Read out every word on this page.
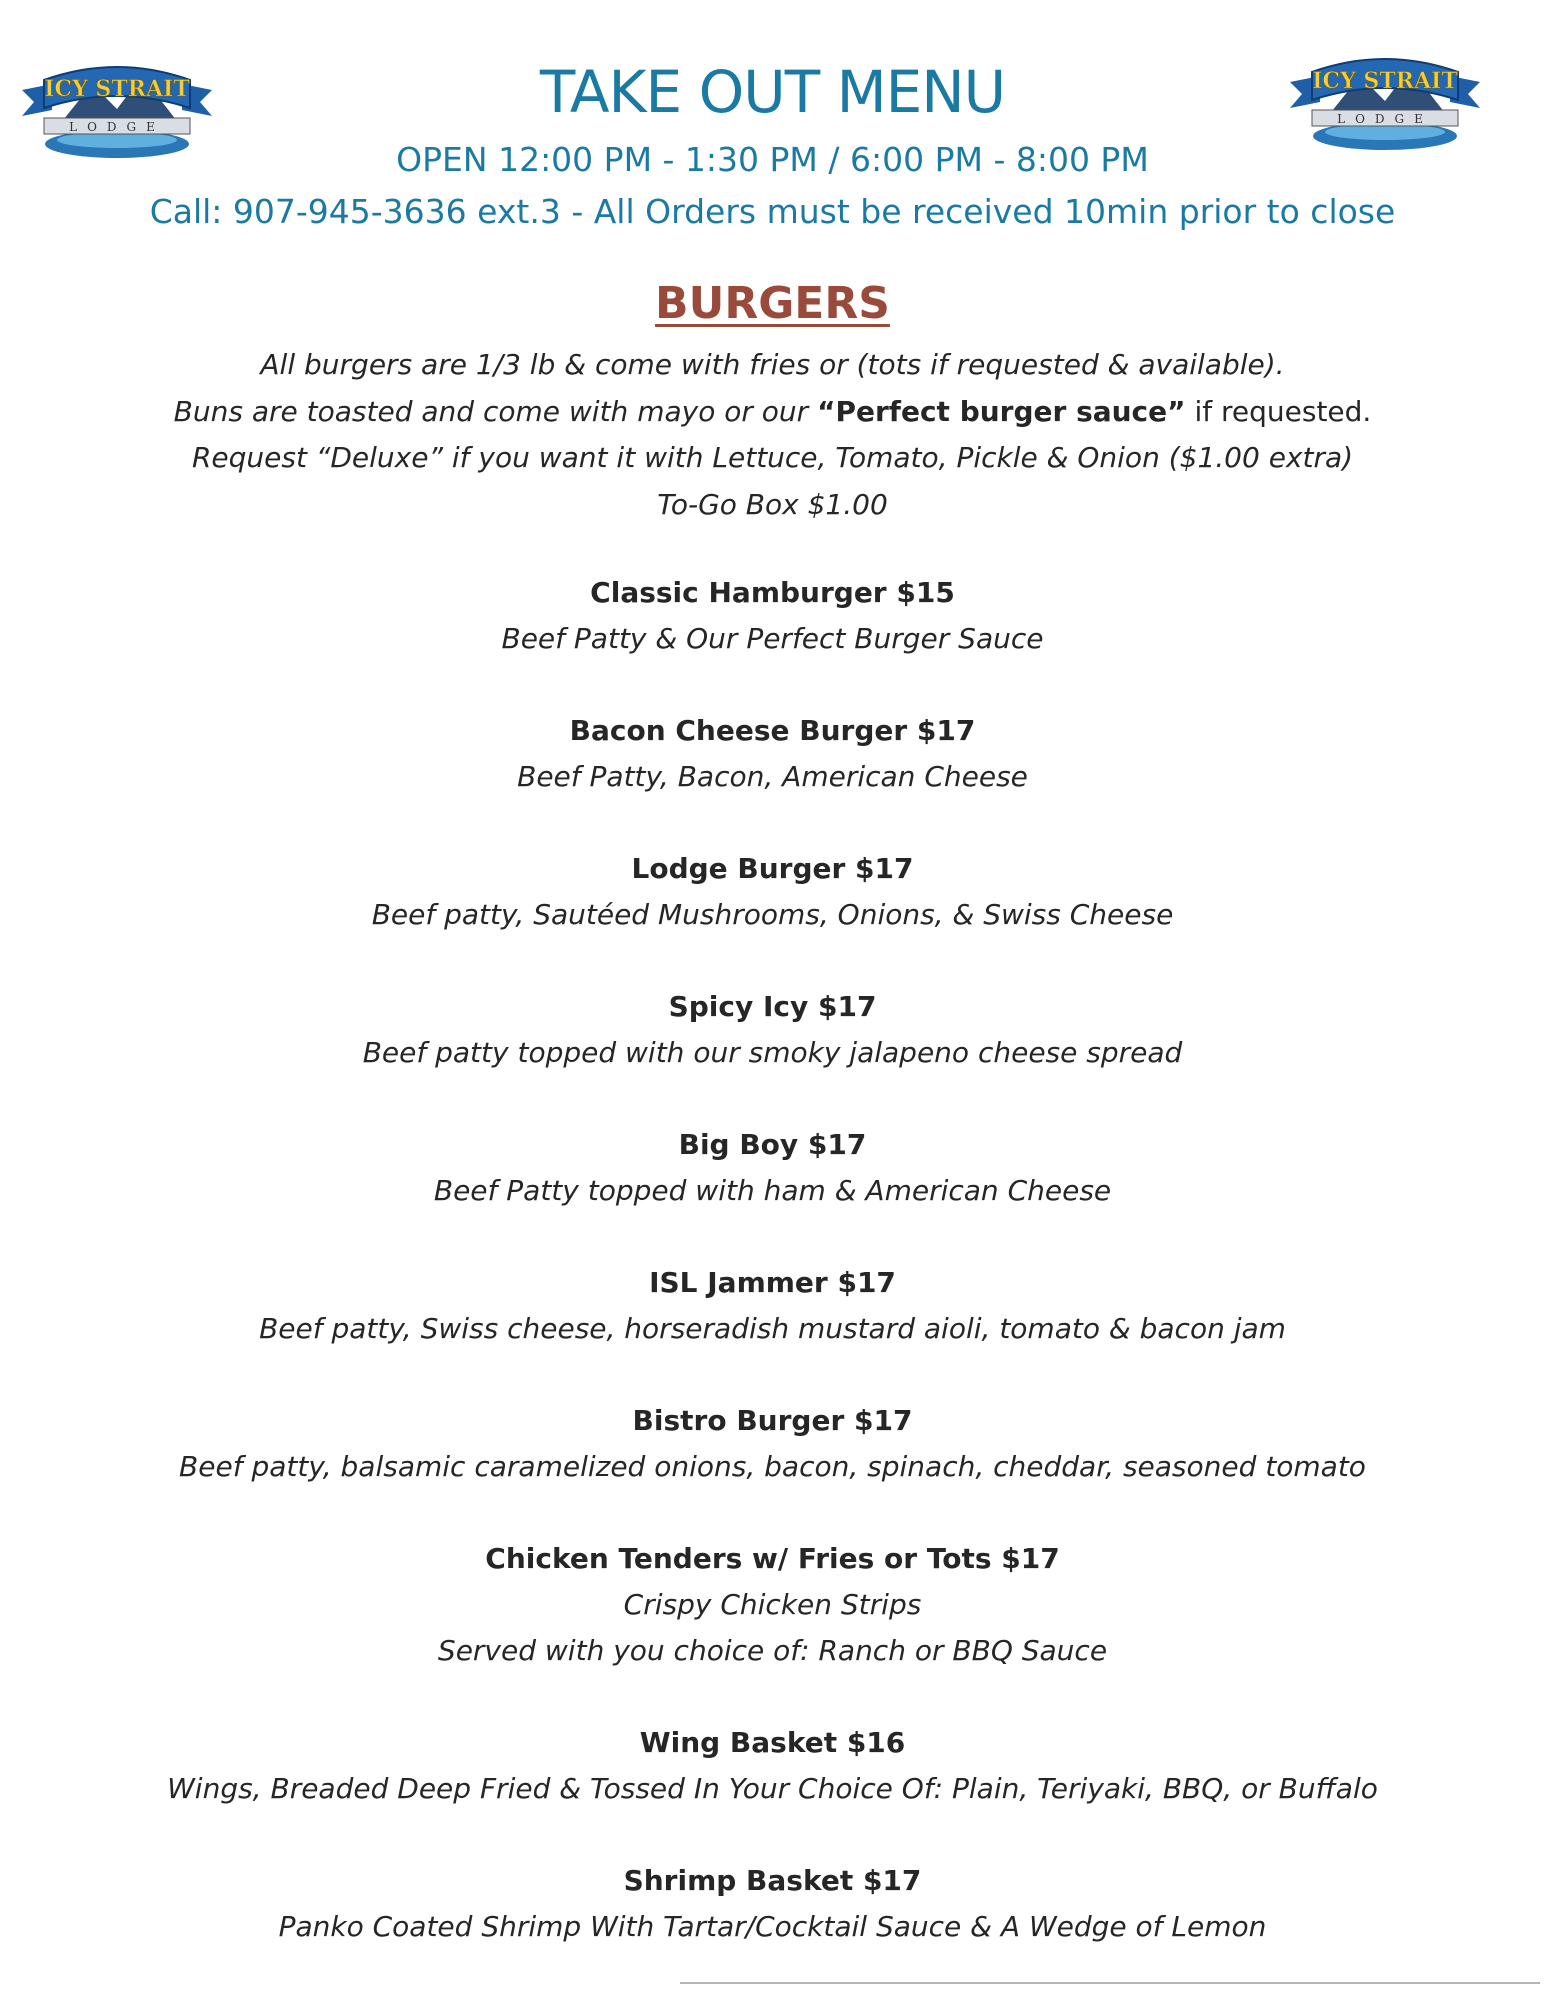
ICY STRAIT
LODGE
ICY STRAIT
LODGE
TAKE OUT MENU
OPEN 12:00 PM - 1:30 PM / 6:00 PM - 8:00 PM
Call: 907-945-3636 ext.3 - All Orders must be received 10min prior to close
BURGERS
All burgers are 1/3 lb & come with fries or (tots if requested & available).
Buns are toasted and come with mayo or our “Perfect burger sauce” if requested.
Request “Deluxe” if you want it with Lettuce, Tomato, Pickle & Onion ($1.00 extra)
To-Go Box $1.00
Classic Hamburger $15
Beef Patty & Our Perfect Burger Sauce
Bacon Cheese Burger $17
Beef Patty, Bacon, American Cheese
Lodge Burger $17
Beef patty, Sautéed Mushrooms, Onions, & Swiss Cheese
Spicy Icy $17
Beef patty topped with our smoky jalapeno cheese spread
Big Boy $17
Beef Patty topped with ham & American Cheese
ISL Jammer $17
Beef patty, Swiss cheese, horseradish mustard aioli, tomato & bacon jam
Bistro Burger $17
Beef patty, balsamic caramelized onions, bacon, spinach, cheddar, seasoned tomato
Chicken Tenders w/ Fries or Tots $17
Crispy Chicken Strips
Served with you choice of: Ranch or BBQ Sauce
Wing Basket $16
Wings, Breaded Deep Fried & Tossed In Your Choice Of: Plain, Teriyaki, BBQ, or Buffalo
Shrimp Basket $17
Panko Coated Shrimp With Tartar/Cocktail Sauce & A Wedge of Lemon
